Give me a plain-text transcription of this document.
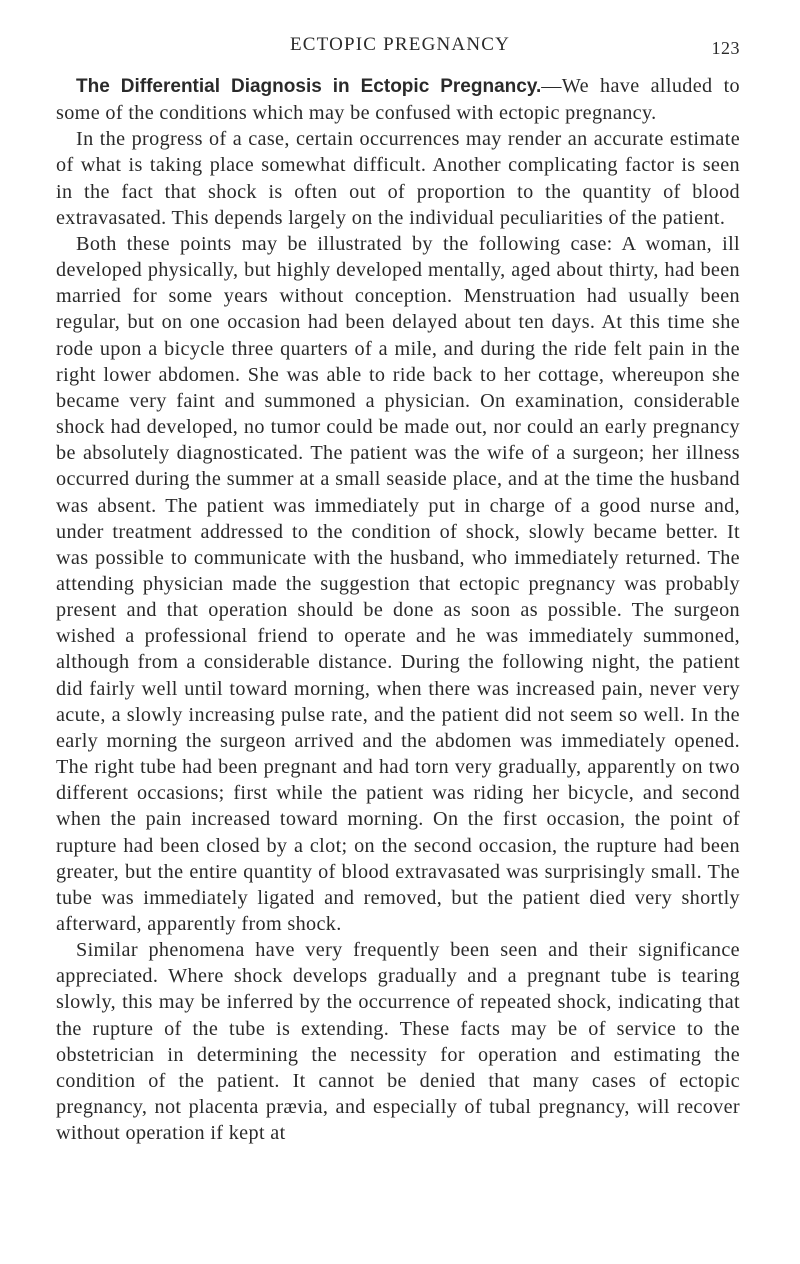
ECTOPIC PREGNANCY	123

The Differential Diagnosis in Ectopic Pregnancy.—We have alluded to some of the conditions which may be confused with ectopic pregnancy.

In the progress of a case, certain occurrences may render an accurate estimate of what is taking place somewhat difficult. Another complicating factor is seen in the fact that shock is often out of proportion to the quantity of blood extravasated. This depends largely on the individual peculiarities of the patient.

Both these points may be illustrated by the following case: A woman, ill developed physically, but highly developed mentally, aged about thirty, had been married for some years without conception. Menstruation had usually been regular, but on one occasion had been delayed about ten days. At this time she rode upon a bicycle three quarters of a mile, and during the ride felt pain in the right lower abdomen. She was able to ride back to her cottage, whereupon she became very faint and summoned a physician. On examination, considerable shock had developed, no tumor could be made out, nor could an early pregnancy be absolutely diagnosticated. The patient was the wife of a surgeon; her illness occurred during the summer at a small seaside place, and at the time the husband was absent. The patient was immediately put in charge of a good nurse and, under treatment addressed to the condition of shock, slowly became better. It was possible to communicate with the husband, who immediately returned. The attending physician made the suggestion that ectopic pregnancy was probably present and that operation should be done as soon as possible. The surgeon wished a professional friend to operate and he was immediately summoned, although from a considerable distance. During the following night, the patient did fairly well until toward morning, when there was increased pain, never very acute, a slowly increasing pulse rate, and the patient did not seem so well. In the early morning the surgeon arrived and the abdomen was immediately opened. The right tube had been pregnant and had torn very gradually, apparently on two different occasions; first while the patient was riding her bicycle, and second when the pain increased toward morning. On the first occasion, the point of rupture had been closed by a clot; on the second occasion, the rupture had been greater, but the entire quantity of blood extravasated was surprisingly small. The tube was immediately ligated and removed, but the patient died very shortly afterward, apparently from shock.

Similar phenomena have very frequently been seen and their significance appreciated. Where shock develops gradually and a pregnant tube is tearing slowly, this may be inferred by the occurrence of repeated shock, indicating that the rupture of the tube is extending. These facts may be of service to the obstetrician in determining the necessity for operation and estimating the condition of the patient. It cannot be denied that many cases of ectopic pregnancy, not placenta prævia, and especially of tubal pregnancy, will recover without operation if kept at
